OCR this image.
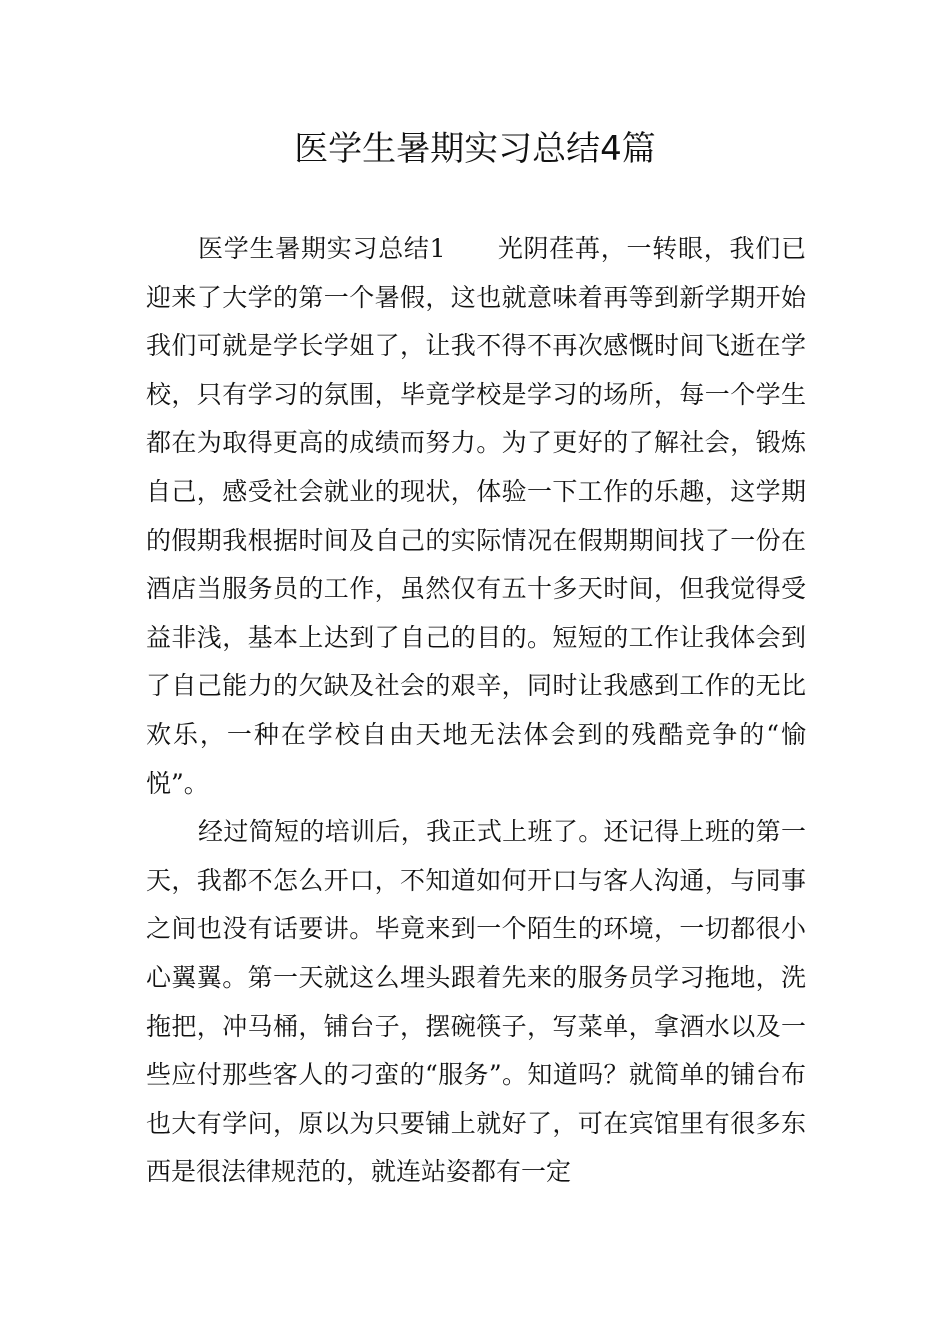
医学生暑期实习总结4篇

医学生暑期实习总结1　　 光阴荏苒，一转眼，我们已迎来了大学的第一个暑假，这也就意味着再等到新学期开始我们可就是学长学姐了，让我不得不再次感慨时间飞逝在学校，只有学习的氛围，毕竟学校是学习的场所，每一个学生都在为取得更高的成绩而努力。为了更好的了解社会，锻炼自己，感受社会就业的现状，体验一下工作的乐趣，这学期的假期我根据时间及自己的实际情况在假期期间找了一份在酒店当服务员的工作，虽然仅有五十多天时间，但我觉得受益非浅，基本上达到了自己的目的。短短的工作让我体会到了自己能力的欠缺及社会的艰辛，同时让我感到工作的无比欢乐，一种在学校自由天地无法体会到的残酷竞争的“愉悦”。

经过简短的培训后，我正式上班了。还记得上班的第一天，我都不怎么开口，不知道如何开口与客人沟通，与同事之间也没有话要讲。毕竟来到一个陌生的环境，一切都很小心翼翼。第一天就这么埋头跟着先来的服务员学习拖地，洗拖把，冲马桶，铺台子，摆碗筷子，写菜单，拿酒水以及一些应付那些客人的刁蛮的“服务”。知道吗？就简单的铺台布也大有学问，原以为只要铺上就好了，可在宾馆里有很多东西是很法律规范的，就连站姿都有一定
